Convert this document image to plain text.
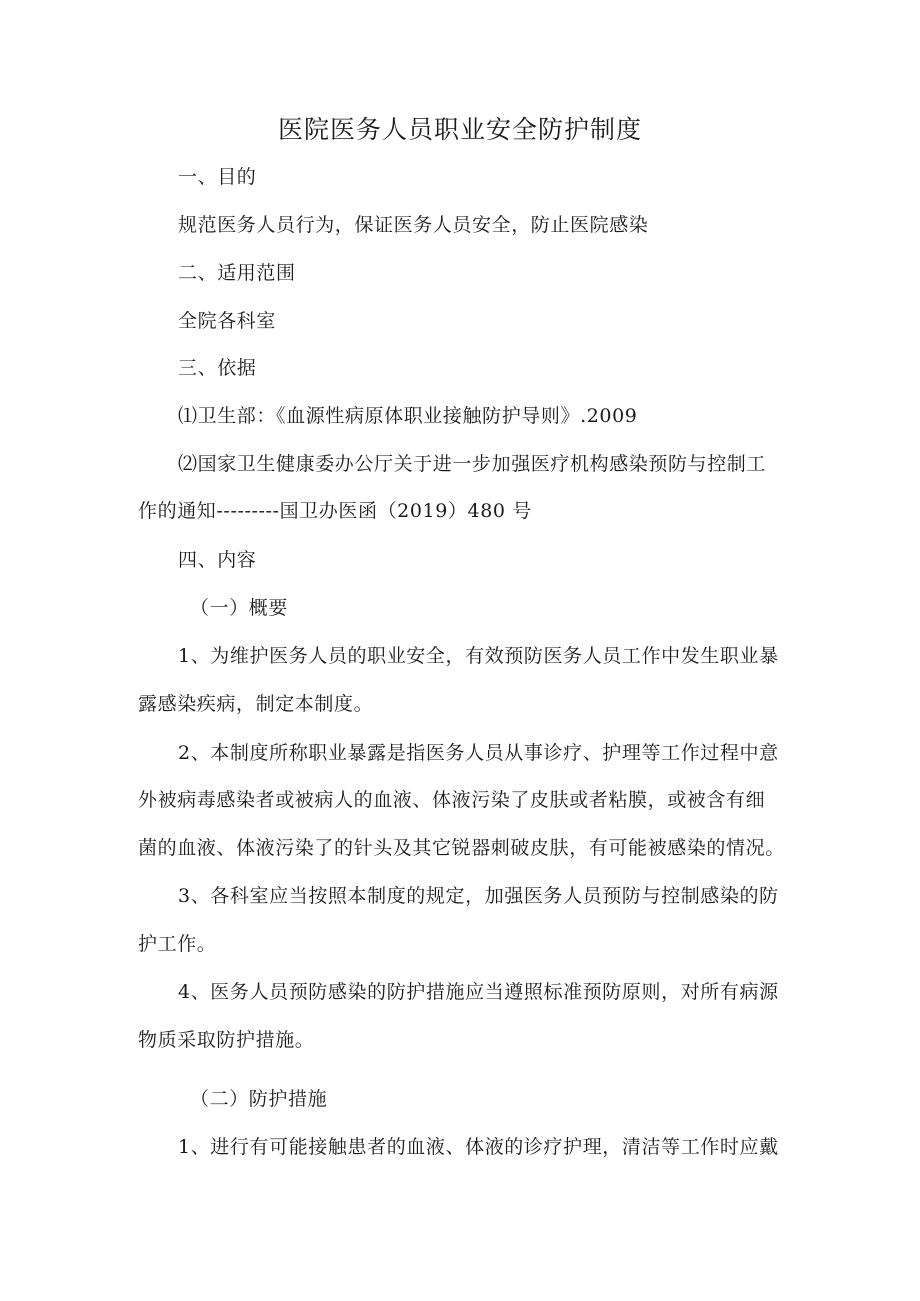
医院医务人员职业安全防护制度
一、目的
规范医务人员行为，保证医务人员安全，防止医院感染
二、适用范围
全院各科室
三、依据
⑴卫生部：《血源性病原体职业接触防护导则》.2009
⑵国家卫生健康委办公厅关于进一步加强医疗机构感染预防与控制工
作的通知---------国卫办医函（2019）480 号
四、内容
（一）概要
1、为维护医务人员的职业安全，有效预防医务人员工作中发生职业暴
露感染疾病，制定本制度。
2、本制度所称职业暴露是指医务人员从事诊疗、护理等工作过程中意
外被病毒感染者或被病人的血液、体液污染了皮肤或者粘膜，或被含有细
菌的血液、体液污染了的针头及其它锐器刺破皮肤，有可能被感染的情况。
3、各科室应当按照本制度的规定，加强医务人员预防与控制感染的防
护工作。
4、医务人员预防感染的防护措施应当遵照标准预防原则，对所有病源
物质采取防护措施。
（二）防护措施
1、进行有可能接触患者的血液、体液的诊疗护理，清洁等工作时应戴
